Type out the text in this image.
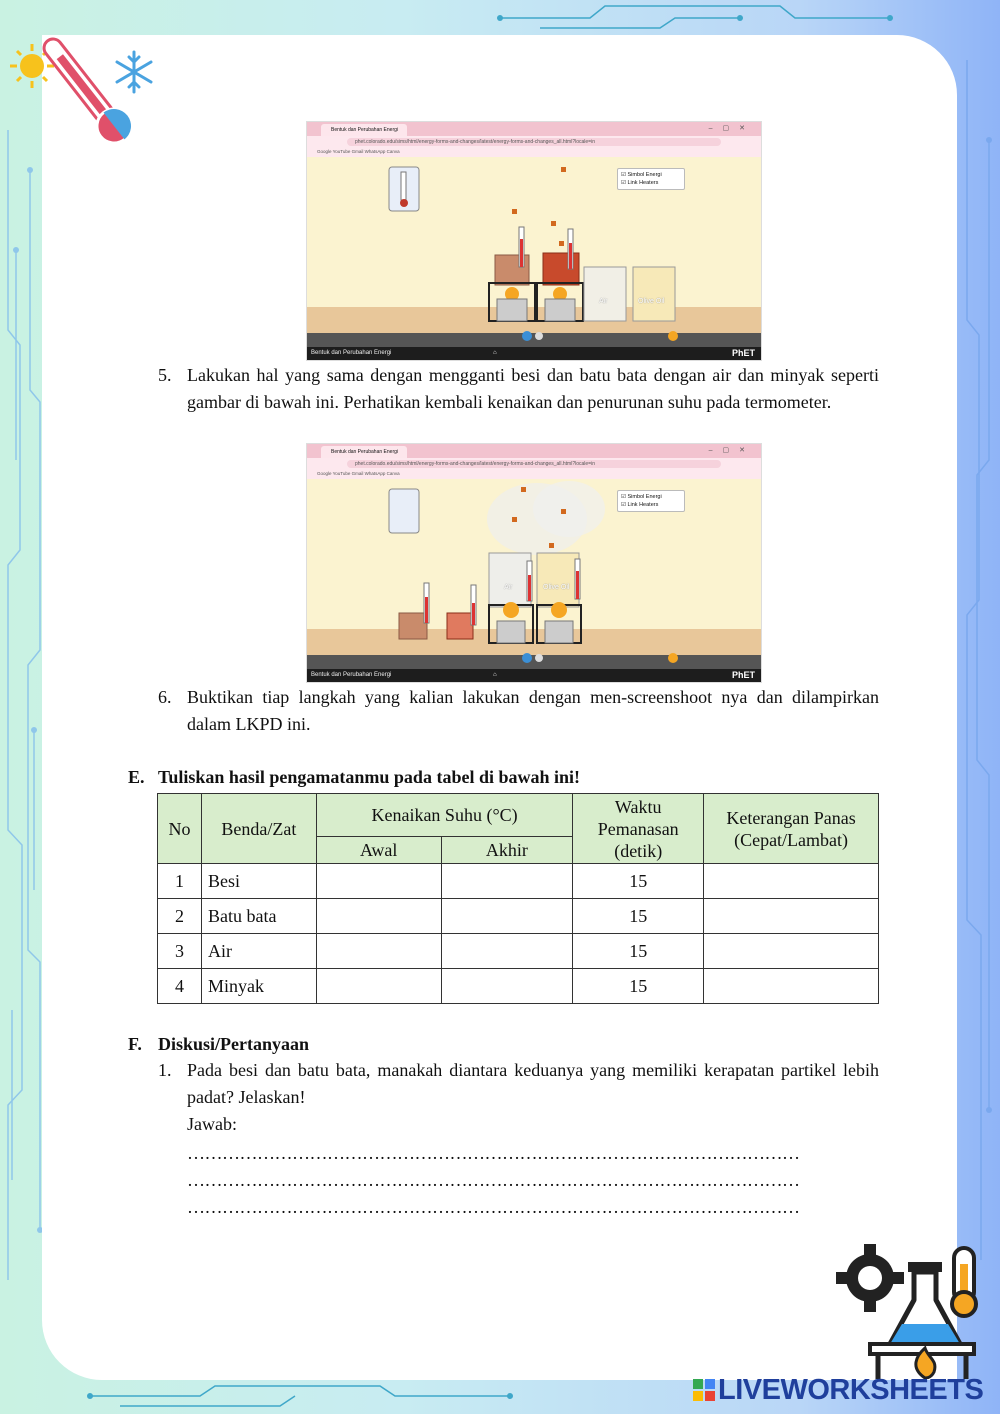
Bentuk dan Perubahan Energi	–▢✕
phet.colorado.edu/sims/html/energy-forms-and-changes/latest/energy-forms-and-changes_all.html?locale=in
Google YouTube Gmail WhatsApp Canva
Air	Olive Oil
☑ Simbol Energi
☑ Link Heaters
Bentuk dan Perubahan Energi	⌂	PhET
5. Lakukan hal yang sama dengan mengganti besi dan batu bata dengan air dan minyak seperti gambar di bawah ini. Perhatikan kembali kenaikan dan penurunan suhu pada termometer.
Bentuk dan Perubahan Energi	–▢✕
phet.colorado.edu/sims/html/energy-forms-and-changes/latest/energy-forms-and-changes_all.html?locale=in
Google YouTube Gmail WhatsApp Canva
Air	Olive Oil
☑ Simbol Energi
☑ Link Heaters
Bentuk dan Perubahan Energi	⌂	PhET
6. Buktikan tiap langkah yang kalian lakukan dengan men-screenshoot nya dan dilampirkan dalam LKPD ini.
E. Tuliskan hasil pengamatanmu pada tabel di bawah ini!
No	Benda/Zat	Kenaikan Suhu (°C)		Waktu Pemanasan (detik)	Keterangan Panas (Cepat/Lambat)
		Awal	Akhir		
1	Besi			15	
2	Batu bata			15	
3	Air			15	
4	Minyak			15	
F. Diskusi/Pertanyaan
1. Pada besi dan batu bata, manakah diantara keduanya yang memiliki kerapatan partikel lebih padat? Jelaskan!
Jawab:
……………………………………………………………………………………………
……………………………………………………………………………………………
……………………………………………………………………………………………
LIVEWORKSHEETS
